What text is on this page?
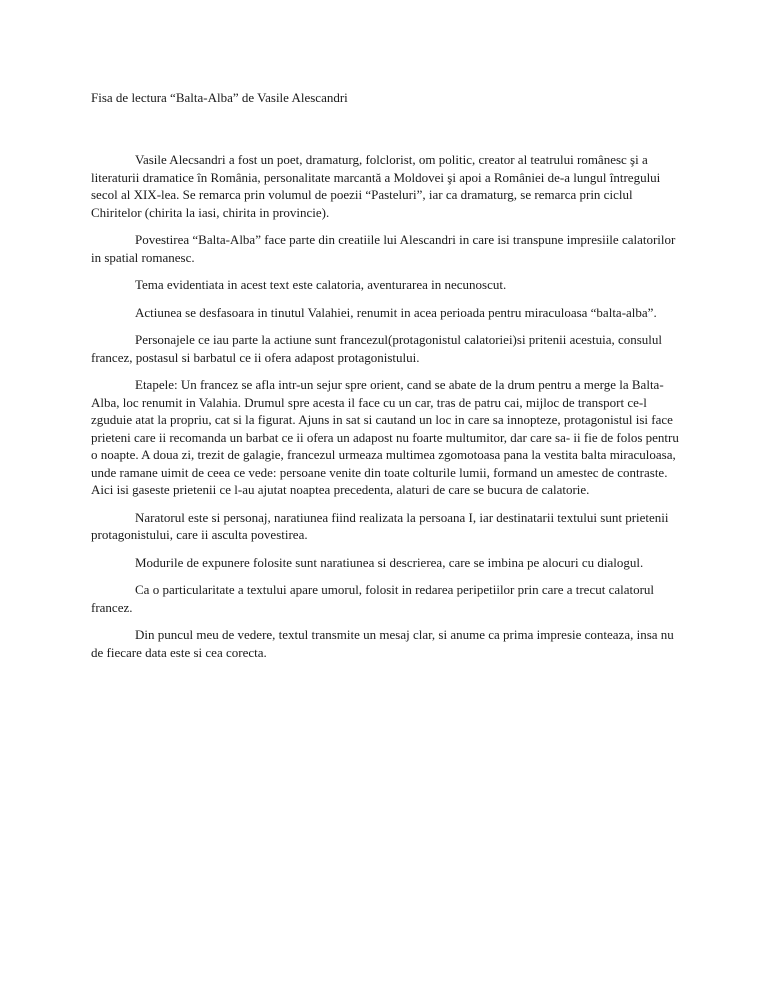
Fisa de lectura “Balta-Alba” de Vasile Alescandri

Vasile Alecsandri a fost un poet, dramaturg, folclorist, om politic, creator al teatrului românesc şi a literaturii dramatice în România, personalitate marcantă a Moldovei şi apoi a României de-a lungul întregului secol al XIX-lea. Se remarca prin volumul de poezii “Pasteluri”, iar ca dramaturg, se remarca prin ciclul Chiritelor (chirita la iasi, chirita in provincie).

Povestirea “Balta-Alba” face parte din creatiile lui Alescandri in care isi transpune impresiile calatorilor in spatial romanesc.

Tema evidentiata in acest text este calatoria, aventurarea in necunoscut.

Actiunea se desfasoara in tinutul Valahiei, renumit in acea perioada pentru miraculoasa “balta-alba”.

Personajele ce iau parte la actiune sunt francezul(protagonistul calatoriei)si pritenii acestuia, consulul francez, postasul si barbatul ce ii ofera adapost protagonistului.

Etapele: Un francez se afla intr-un sejur spre orient, cand se abate de la drum pentru a merge la Balta-Alba, loc renumit in Valahia. Drumul spre acesta il face cu un car, tras de patru cai, mijloc de transport ce-l zguduie atat la propriu, cat si la figurat. Ajuns in sat si cautand un loc in care sa innopteze, protagonistul isi face prieteni care ii recomanda un barbat ce ii ofera un adapost nu foarte multumitor, dar care sa- ii fie de folos pentru o noapte. A doua zi, trezit de galagie, francezul urmeaza multimea zgomotoasa pana la vestita balta miraculoasa, unde ramane uimit de ceea ce vede: persoane venite din toate colturile lumii, formand un amestec de contraste. Aici isi gaseste prietenii ce l-au ajutat noaptea precedenta, alaturi de care se bucura de calatorie.

Naratorul este si personaj, naratiunea fiind realizata la persoana I, iar destinatarii textului sunt prietenii protagonistului, care ii asculta povestirea.

Modurile de expunere folosite sunt naratiunea si descrierea, care se imbina pe alocuri cu dialogul.

Ca o particularitate a textului apare umorul, folosit in redarea peripetiilor prin care a trecut calatorul francez.

Din puncul meu de vedere, textul transmite un mesaj clar, si anume ca prima impresie conteaza, insa nu de fiecare data este si cea corecta.
